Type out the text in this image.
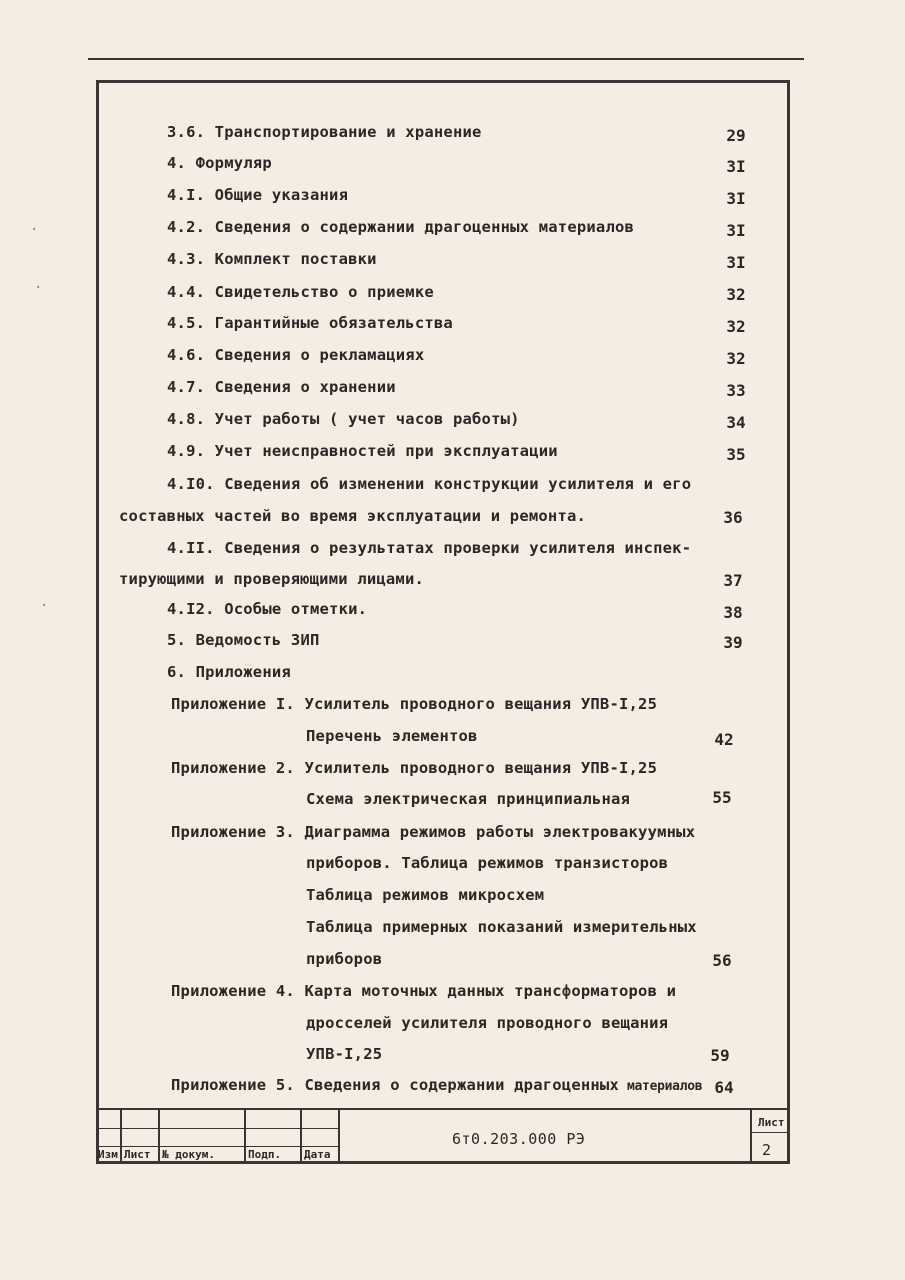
·
·
·
3.6. Транспортирование и хранение	29
4. Формуляр	3I
4.I. Общие указания	3I
4.2. Сведения о содержании драгоценных материалов	3I
4.3. Комплект поставки	3I
4.4. Свидетельство о приемке	32
4.5. Гарантийные обязательства	32
4.6. Сведения о рекламациях	32
4.7. Сведения о хранении	33
4.8. Учет работы ( учет часов работы)	34
4.9. Учет неисправностей при эксплуатации	35
4.I0. Сведения об изменении конструкции усилителя и его
составных частей во время эксплуатации и ремонта.	36
4.II. Сведения о результатах проверки усилителя инспек-
тирующими и проверяющими лицами.	37
4.I2. Особые отметки.	38
5. Ведомость ЗИП	39
6. Приложения
Приложение I. Усилитель проводного вещания УПВ-I,25
Перечень элементов	42
Приложение 2. Усилитель проводного вещания УПВ-I,25
Схема электрическая принципиальная	55
Приложение 3. Диаграмма режимов работы электровакуумных
приборов. Таблица режимов транзисторов
Таблица режимов микросхем
Таблица примерных показаний измерительных
приборов	56
Приложение 4. Карта моточных данных трансформаторов и
дросселей усилителя проводного вещания
УПВ-I,25	59
Приложение 5. Сведения о содержании драгоценных материалов 64
Изм Лист № докум.	Подп. Дата
6т0.203.000 РЭ
Лист
2
